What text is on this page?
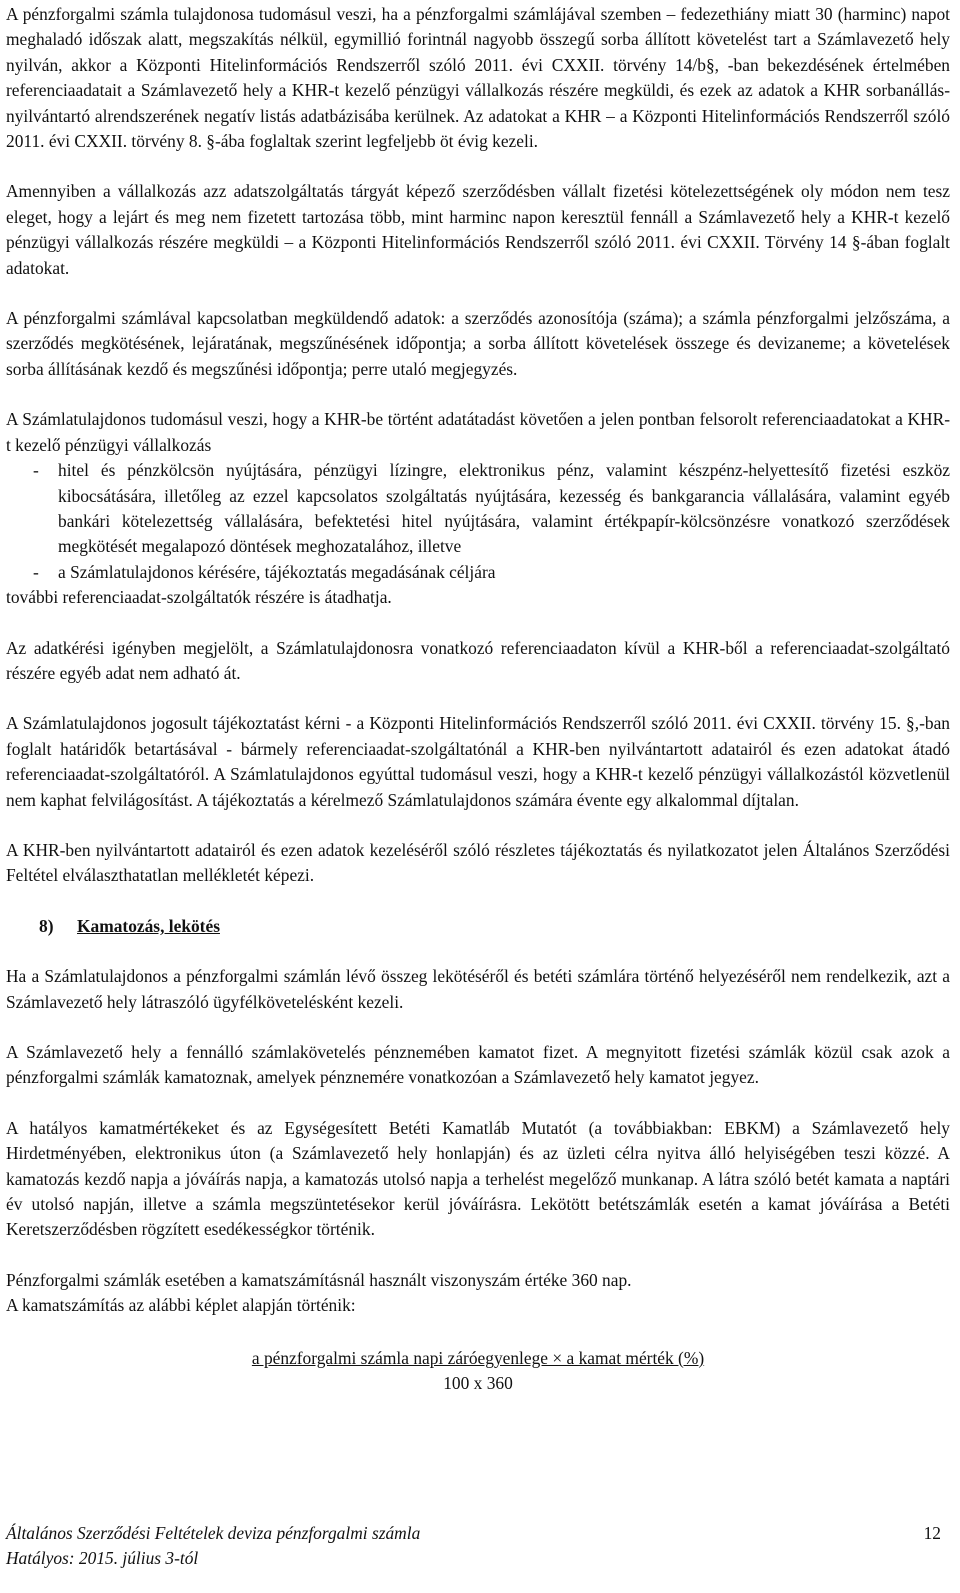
A pénzforgalmi számla tulajdonosa tudomásul veszi, ha a pénzforgalmi számlájával szemben – fedezethiány miatt 30 (harminc) napot meghaladó időszak alatt, megszakítás nélkül, egymillió forintnál nagyobb összegű sorba állított követelést tart a Számlavezető hely nyilván, akkor a Központi Hitelinformációs Rendszerről szóló 2011. évi CXXII. törvény 14/b§, -ban bekezdésének értelmében referenciaadatait a Számlavezető hely a KHR-t kezelő pénzügyi vállalkozás részére megküldi, és ezek az adatok a KHR sorbanállás-nyilvántartó alrendszerének negatív listás adatbázisába kerülnek. Az adatokat a KHR – a Központi Hitelinformációs Rendszerről szóló 2011. évi CXXII. törvény 8. §-ába foglaltak szerint legfeljebb öt évig kezeli.

Amennyiben a vállalkozás azz adatszolgáltatás tárgyát képező szerződésben vállalt fizetési kötelezettségének oly módon nem tesz eleget, hogy a lejárt és meg nem fizetett tartozása több, mint harminc napon keresztül fennáll a Számlavezető hely a KHR-t kezelő pénzügyi vállalkozás részére megküldi – a Központi Hitelinformációs Rendszerről szóló 2011. évi CXXII. Törvény 14 §-ában foglalt adatokat.

A pénzforgalmi számlával kapcsolatban megküldendő adatok: a szerződés azonosítója (száma); a számla pénzforgalmi jelzőszáma, a szerződés megkötésének, lejáratának, megszűnésének időpontja; a sorba állított követelések összege és devizaneme; a követelések sorba állításának kezdő és megszűnési időpontja; perre utaló megjegyzés.

A Számlatulajdonos tudomásul veszi, hogy a KHR-be történt adatátadást követően a jelen pontban felsorolt referenciaadatokat a KHR-t kezelő pénzügyi vállalkozás

-	hitel és pénzkölcsön nyújtására, pénzügyi lízingre, elektronikus pénz, valamint készpénz-helyettesítő fizetési eszköz kibocsátására, illetőleg az ezzel kapcsolatos szolgáltatás nyújtására, kezesség és bankgarancia vállalására, valamint egyéb bankári kötelezettség vállalására, befektetési hitel nyújtására, valamint értékpapír-kölcsönzésre vonatkozó szerződések megkötését megalapozó döntések meghozatalához, illetve

-	a Számlatulajdonos kérésére, tájékoztatás megadásának céljára

további referenciaadat-szolgáltatók részére is átadhatja.

Az adatkérési igényben megjelölt, a Számlatulajdonosra vonatkozó referenciaadaton kívül a KHR-ből a referenciaadat-szolgáltató részére egyéb adat nem adható át.

A Számlatulajdonos jogosult tájékoztatást kérni - a Központi Hitelinformációs Rendszerről szóló 2011. évi CXXII. törvény 15. §,-ban foglalt határidők betartásával - bármely referenciaadat-szolgáltatónál a KHR-ben nyilvántartott adatairól és ezen adatokat átadó referenciaadat-szolgáltatóról. A Számlatulajdonos egyúttal tudomásul veszi, hogy a KHR-t kezelő pénzügyi vállalkozástól közvetlenül nem kaphat felvilágosítást. A tájékoztatás a kérelmező Számlatulajdonos számára évente egy alkalommal díjtalan.

A KHR-ben nyilvántartott adatairól és ezen adatok kezeléséről szóló részletes tájékoztatás és nyilatkozatot jelen Általános Szerződési Feltétel elválaszthatatlan mellékletét képezi.

8) Kamatozás, lekötés

Ha a Számlatulajdonos a pénzforgalmi számlán lévő összeg lekötéséről és betéti számlára történő helyezéséről nem rendelkezik, azt a Számlavezető hely látraszóló ügyfélkövetelésként kezeli.

A Számlavezető hely a fennálló számlakövetelés pénznemében kamatot fizet. A megnyitott fizetési számlák közül csak azok a pénzforgalmi számlák kamatoznak, amelyek pénznemére vonatkozóan a Számlavezető hely kamatot jegyez.

A hatályos kamatmértékeket és az Egységesített Betéti Kamatláb Mutatót (a továbbiakban: EBKM) a Számlavezető hely Hirdetményében, elektronikus úton (a Számlavezető hely honlapján) és az üzleti célra nyitva álló helyiségében teszi közzé. A kamatozás kezdő napja a jóváírás napja, a kamatozás utolsó napja a terhelést megelőző munkanap. A látra szóló betét kamata a naptári év utolsó napján, illetve a számla megszüntetésekor kerül jóváírásra. Lekötött betétszámlák esetén a kamat jóváírása a Betéti Keretszerződésben rögzített esedékességkor történik.

Pénzforgalmi számlák esetében a kamatszámításnál használt viszonyszám értéke 360 nap.

A kamatszámítás az alábbi képlet alapján történik:

a pénzforgalmi számla napi záróegyenlege × a kamat mérték (%)
100 x 360
Általános Szerződési Feltételek deviza pénzforgalmi számla
Hatályos: 2015. július 3-tól
12
